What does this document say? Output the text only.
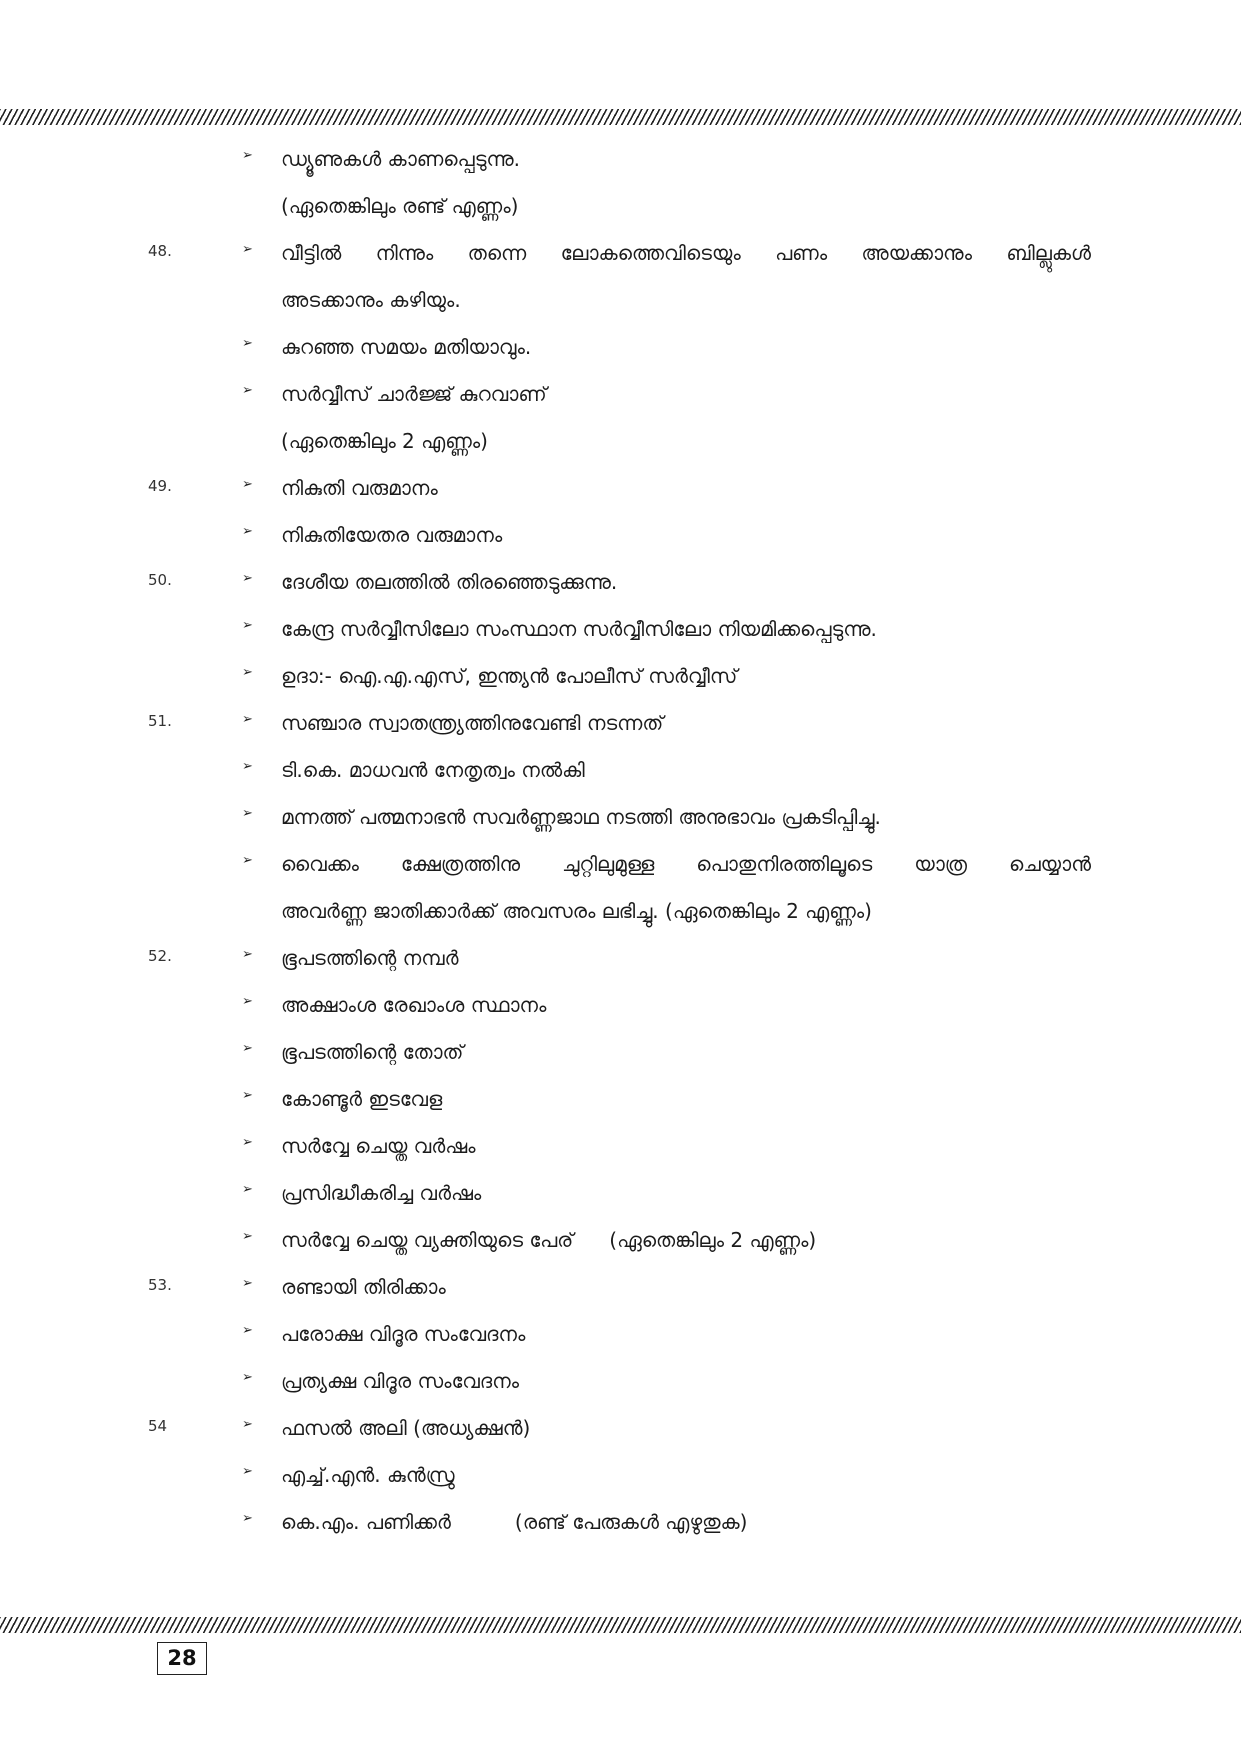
➢ ഡ്യൂണുകൾ കാണപ്പെടുന്നു.
(ഏതെങ്കിലും രണ്ട് എണ്ണം)
48.	➢ വീട്ടിൽ നിന്നും തന്നെ ലോകത്തെവിടെയും പണം അയക്കാനും ബില്ലുകൾ
അടക്കാനും കഴിയും.
➢ കുറഞ്ഞ സമയം മതിയാവും.
➢ സർവ്വീസ് ചാർജ്ജ് കുറവാണ്
(ഏതെങ്കിലും 2 എണ്ണം)
49.	➢ നികുതി വരുമാനം
➢ നികുതിയേതര വരുമാനം
50.	➢ ദേശീയ തലത്തിൽ തിരഞ്ഞെടുക്കുന്നു.
➢ കേന്ദ്ര സർവ്വീസിലോ സംസ്ഥാന സർവ്വീസിലോ നിയമിക്കപ്പെടുന്നു.
➢ ഉദാ:- ഐ.എ.എസ്, ഇന്ത്യൻ പോലീസ് സർവ്വീസ്
51.	➢ സഞ്ചാര സ്വാതന്ത്ര്യത്തിനുവേണ്ടി നടന്നത്
➢ ടി.കെ. മാധവൻ നേതൃത്വം നൽകി
➢ മന്നത്ത് പത്മനാഭൻ സവർണ്ണജാഥ നടത്തി അനുഭാവം പ്രകടിപ്പിച്ചു.
➢ വൈക്കം ക്ഷേത്രത്തിനു ചുറ്റിലുമുള്ള പൊതുനിരത്തിലൂടെ യാത്ര ചെയ്യാൻ
അവർണ്ണ ജാതിക്കാർക്ക് അവസരം ലഭിച്ചു. (ഏതെങ്കിലും 2 എണ്ണം)
52.	➢ ഭൂപടത്തിന്റെ നമ്പർ
➢ അക്ഷാംശ രേഖാംശ സ്ഥാനം
➢ ഭൂപടത്തിന്റെ തോത്
➢ കോണ്ടൂർ ഇടവേള
➢ സർവ്വേ ചെയ്ത വർഷം
➢ പ്രസിദ്ധീകരിച്ച വർഷം
➢ സർവ്വേ ചെയ്ത വ്യക്തിയുടെ പേര് (ഏതെങ്കിലും 2 എണ്ണം)
53.	➢ രണ്ടായി തിരിക്കാം
➢ പരോക്ഷ വിദൂര സംവേദനം
➢ പ്രത്യക്ഷ വിദൂര സംവേദനം
54	➢ ഫസൽ അലി (അധ്യക്ഷൻ)
➢ എച്ച്.എൻ. കുൻസ്രു
➢ കെ.എം. പണിക്കർ	(രണ്ട് പേരുകൾ എഴുതുക)
28
